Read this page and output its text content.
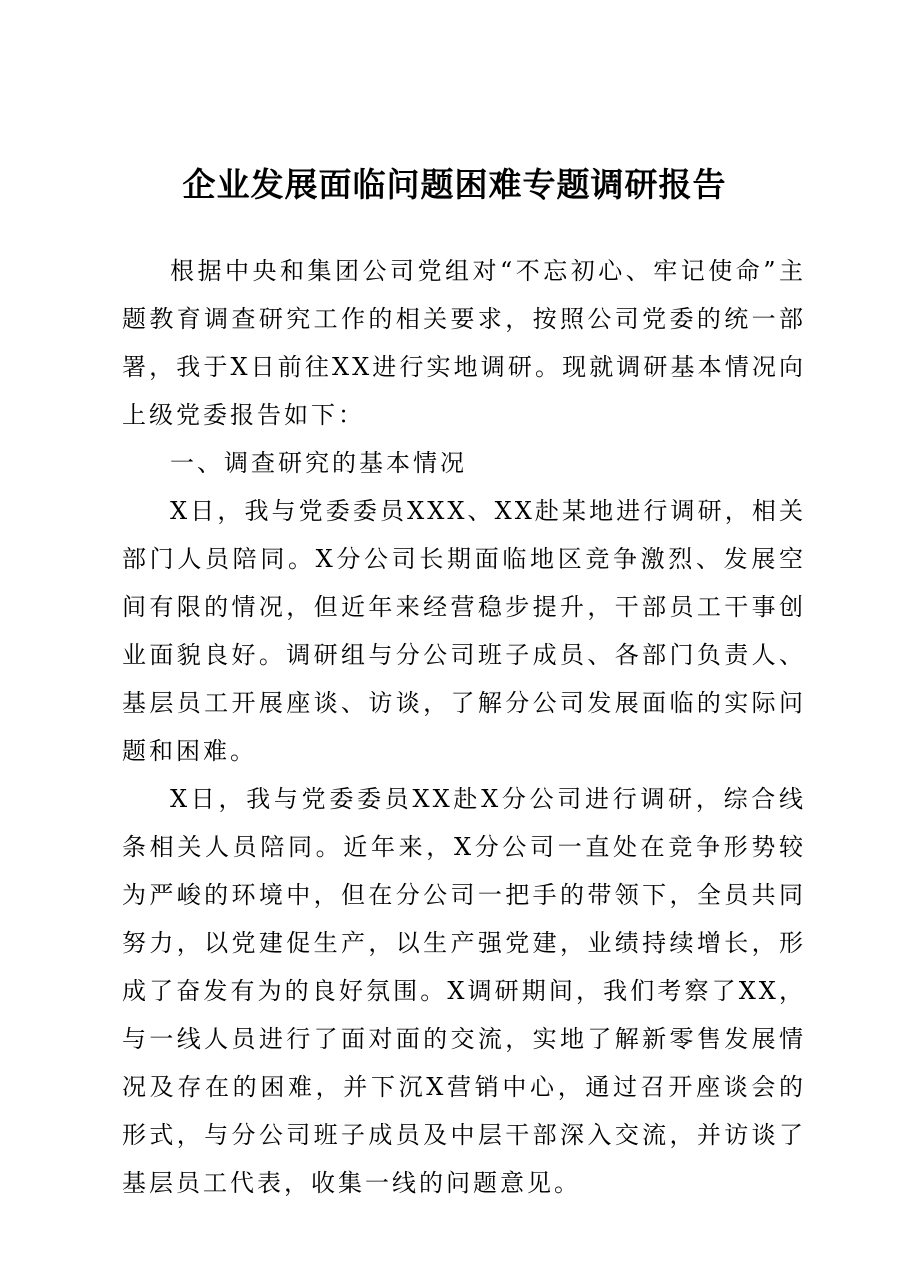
企业发展面临问题困难专题调研报告

根据中央和集团公司党组对“不忘初心、牢记使命”主题教育调查研究工作的相关要求，按照公司党委的统一部署，我于X日前往XX进行实地调研。现就调研基本情况向上级党委报告如下：

一、调查研究的基本情况

X日，我与党委委员XXX、XX赴某地进行调研，相关部门人员陪同。X分公司长期面临地区竞争激烈、发展空间有限的情况，但近年来经营稳步提升，干部员工干事创业面貌良好。调研组与分公司班子成员、各部门负责人、基层员工开展座谈、访谈，了解分公司发展面临的实际问题和困难。

X日，我与党委委员XX赴X分公司进行调研，综合线条相关人员陪同。近年来，X分公司一直处在竞争形势较为严峻的环境中，但在分公司一把手的带领下，全员共同努力，以党建促生产，以生产强党建，业绩持续增长，形成了奋发有为的良好氛围。X调研期间，我们考察了XX，与一线人员进行了面对面的交流，实地了解新零售发展情况及存在的困难，并下沉X营销中心，通过召开座谈会的形式，与分公司班子成员及中层干部深入交流，并访谈了基层员工代表，收集一线的问题意见。
